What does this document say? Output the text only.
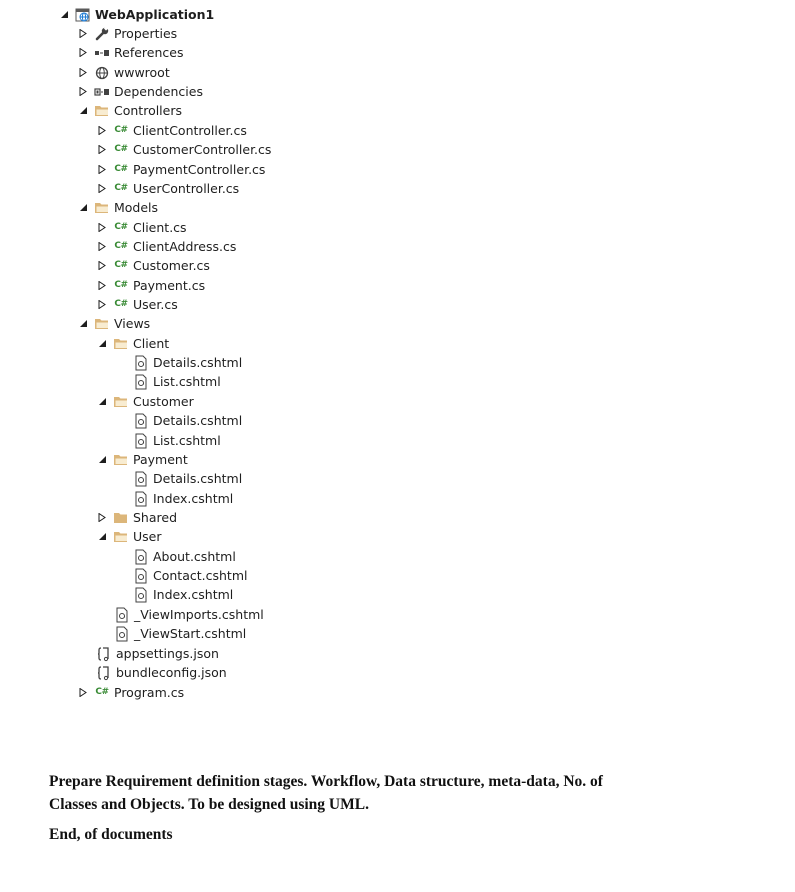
WebApplication1
Properties
References
wwwroot
Dependencies
Controllers
C# ClientController.cs
C# CustomerController.cs
C# PaymentController.cs
C# UserController.cs
Models
C# Client.cs
C# ClientAddress.cs
C# Customer.cs
C# Payment.cs
C# User.cs
Views
Client
Details.cshtml
List.cshtml
Customer
Details.cshtml
List.cshtml
Payment
Details.cshtml
Index.cshtml
Shared
User
About.cshtml
Contact.cshtml
Index.cshtml
_ViewImports.cshtml
_ViewStart.cshtml
appsettings.json
bundleconfig.json
C# Program.cs
Prepare Requirement definition stages. Workflow, Data structure, meta-data, No. of
Classes and Objects. To be designed using UML.
End, of documents
